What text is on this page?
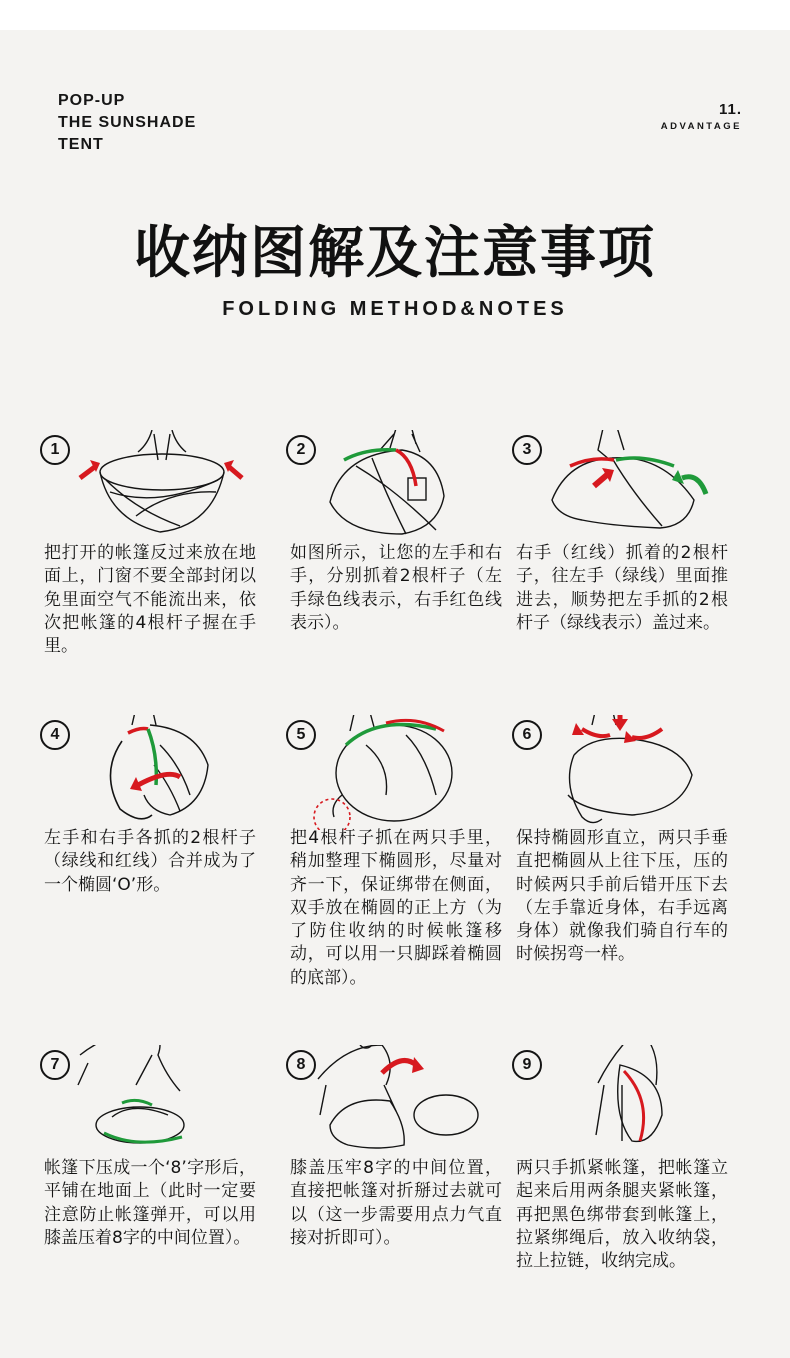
POP-UP
THE SUNSHADE
TENT
11.
ADVANTAGE
收纳图解及注意事项
FOLDING METHOD&NOTES
1
把打开的帐篷反过来放在地面上，门窗不要全部封闭以免里面空气不能流出来，依次把帐篷的4根杆子握在手里。
2
如图所示，让您的左手和右手，分别抓着2根杆子（左手绿色线表示，右手红色线表示）。
3
右手（红线）抓着的2根杆子，往左手（绿线）里面推进去，顺势把左手抓的2根杆子（绿线表示）盖过来。
4
左手和右手各抓的2根杆子（绿线和红线）合并成为了一个椭圆‘O’形。
5
把4根杆子抓在两只手里，稍加整理下椭圆形，尽量对齐一下，保证绑带在侧面，双手放在椭圆的正上方（为了防住收纳的时候帐篷移动，可以用一只脚踩着椭圆的底部）。
6
保持椭圆形直立，两只手垂直把椭圆从上往下压，压的时候两只手前后错开压下去（左手靠近身体，右手远离身体）就像我们骑自行车的时候拐弯一样。
7
帐篷下压成一个‘8’字形后，平铺在地面上（此时一定要注意防止帐篷弹开，可以用膝盖压着8字的中间位置）。
8
膝盖压牢8字的中间位置，直接把帐篷对折掰过去就可以（这一步需要用点力气直接对折即可）。
9
两只手抓紧帐篷，把帐篷立起来后用两条腿夹紧帐篷，再把黑色绑带套到帐篷上，拉紧绑绳后，放入收纳袋，拉上拉链，收纳完成。
